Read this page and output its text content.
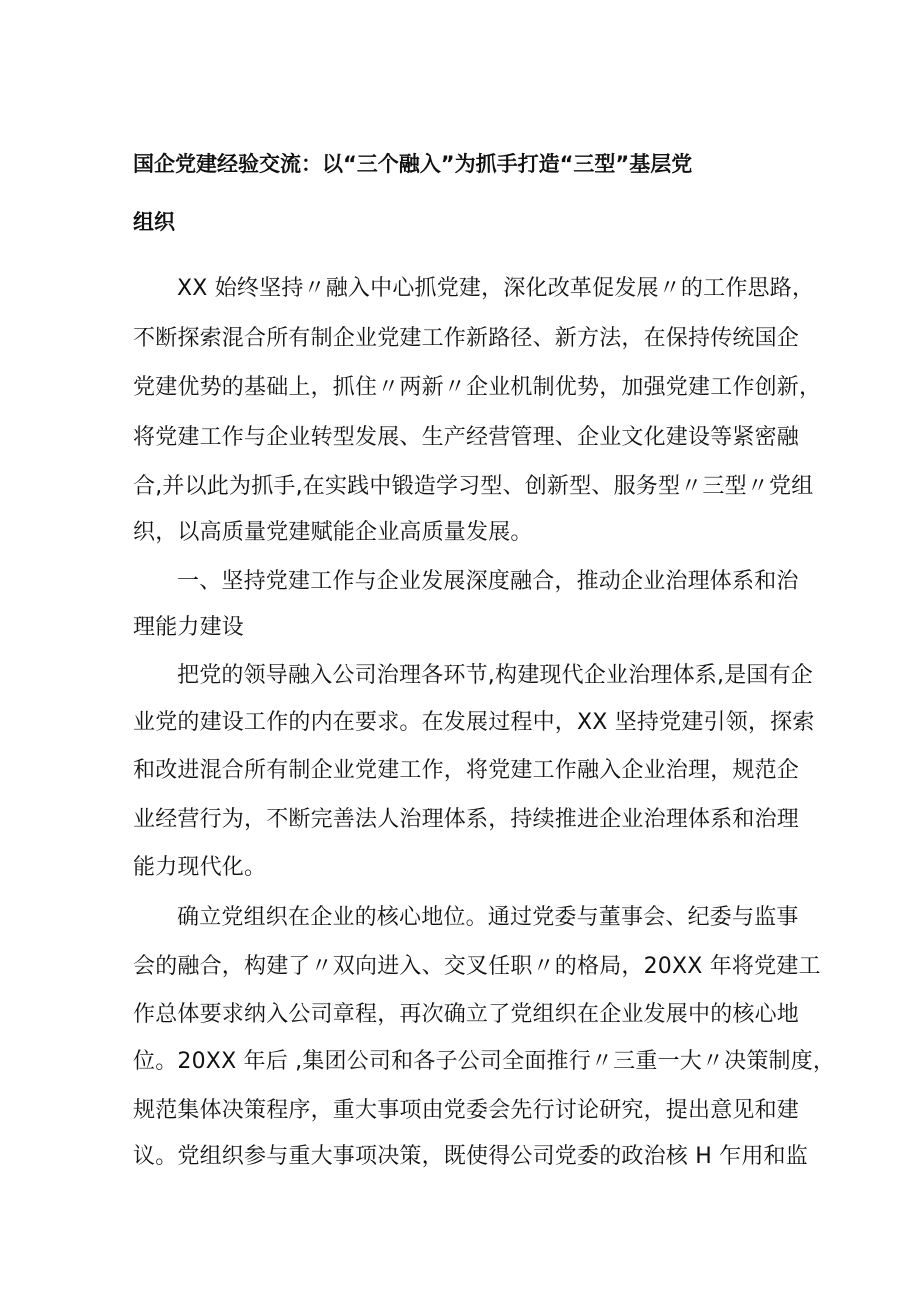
国企党建经验交流：以“三个融入”为抓手打造“三型”基层党
组织
XX 始终坚持〃融入中心抓党建，深化改革促发展〃的工作思路，
不断探索混合所有制企业党建工作新路径、新方法，在保持传统国企
党建优势的基础上，抓住〃两新〃企业机制优势，加强党建工作创新，
将党建工作与企业转型发展、生产经营管理、企业文化建设等紧密融
合,并以此为抓手,在实践中锻造学习型、创新型、服务型〃三型〃党组
织，以高质量党建赋能企业高质量发展。
一、坚持党建工作与企业发展深度融合，推动企业治理体系和治
理能力建设
把党的领导融入公司治理各环节,构建现代企业治理体系,是国有企
业党的建设工作的内在要求。在发展过程中，XX 坚持党建引领，探索
和改进混合所有制企业党建工作，将党建工作融入企业治理，规范企
业经营行为，不断完善法人治理体系，持续推进企业治理体系和治理
能力现代化。
确立党组织在企业的核心地位。通过党委与董事会、纪委与监事
会的融合，构建了〃双向进入、交叉任职〃的格局，20XX 年将党建工
作总体要求纳入公司章程，再次确立了党组织在企业发展中的核心地
位。20XX 年后 ,集团公司和各子公司全面推行〃三重一大〃决策制度，
规范集体决策程序，重大事项由党委会先行讨论研究，提出意见和建
议。党组织参与重大事项决策，既使得公司党委的政治核 H 乍用和监
